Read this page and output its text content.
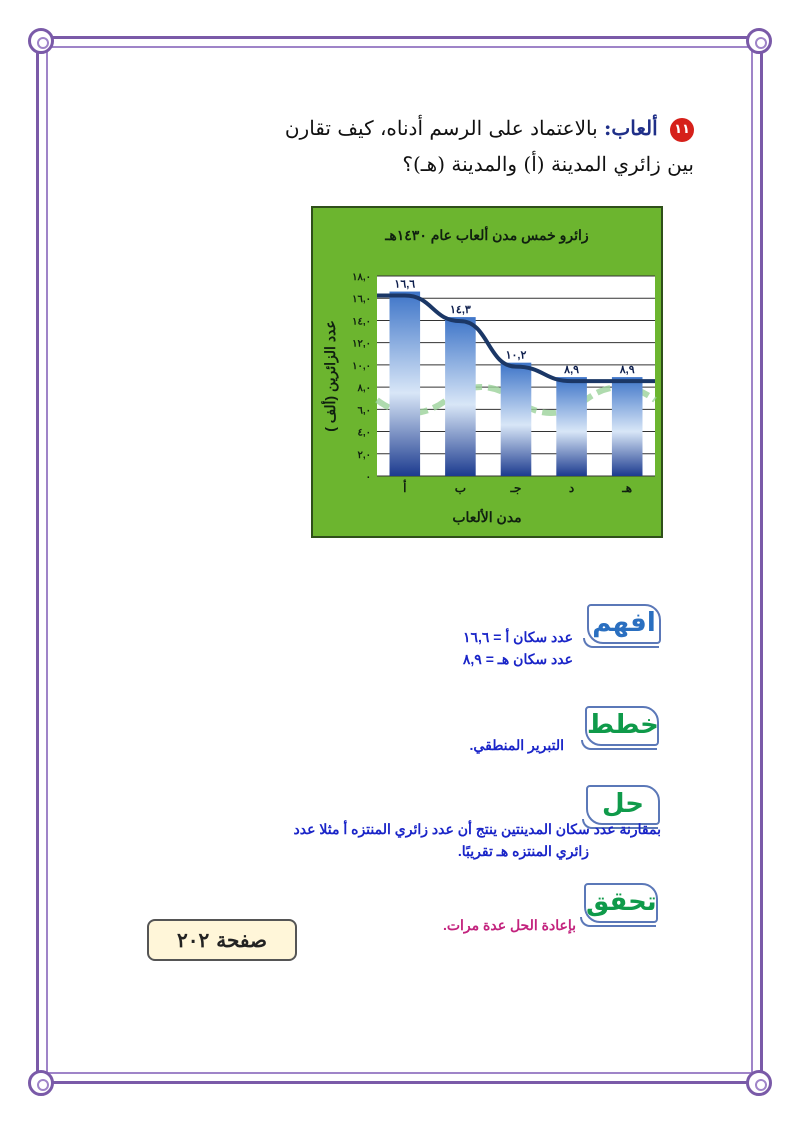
١١ ألعاب: بالاعتماد على الرسم أدناه، كيف تقارن
بين زائري المدينة (أ) والمدينة (هـ)؟
زائرو خمس مدن ألعاب عام ١٤٣٠هـ
٠
٢,٠
٤,٠
٦,٠
٨,٠
١٠,٠
١٢,٠
١٤,٠
١٦,٠
١٨,٠
أ	ب	جـ	د	هـ
١٦,٦
١٤,٣
١٠,٢
٨,٩	٨,٩
مدن الألعاب
عدد الزائرين (ألف )
افهم
عدد سكان أ = ١٦,٦
عدد سكان هـ = ٨,٩
خطط
التبرير المنطقي.
حل
بمقارنة عدد سكان المدينتين ينتج أن عدد زائري المنتزه أ مثلا عدد
زائري المنتزه هـ تقريبًا.
تحقق
بإعادة الحل عدة مرات.
صفحة ٢٠٢
